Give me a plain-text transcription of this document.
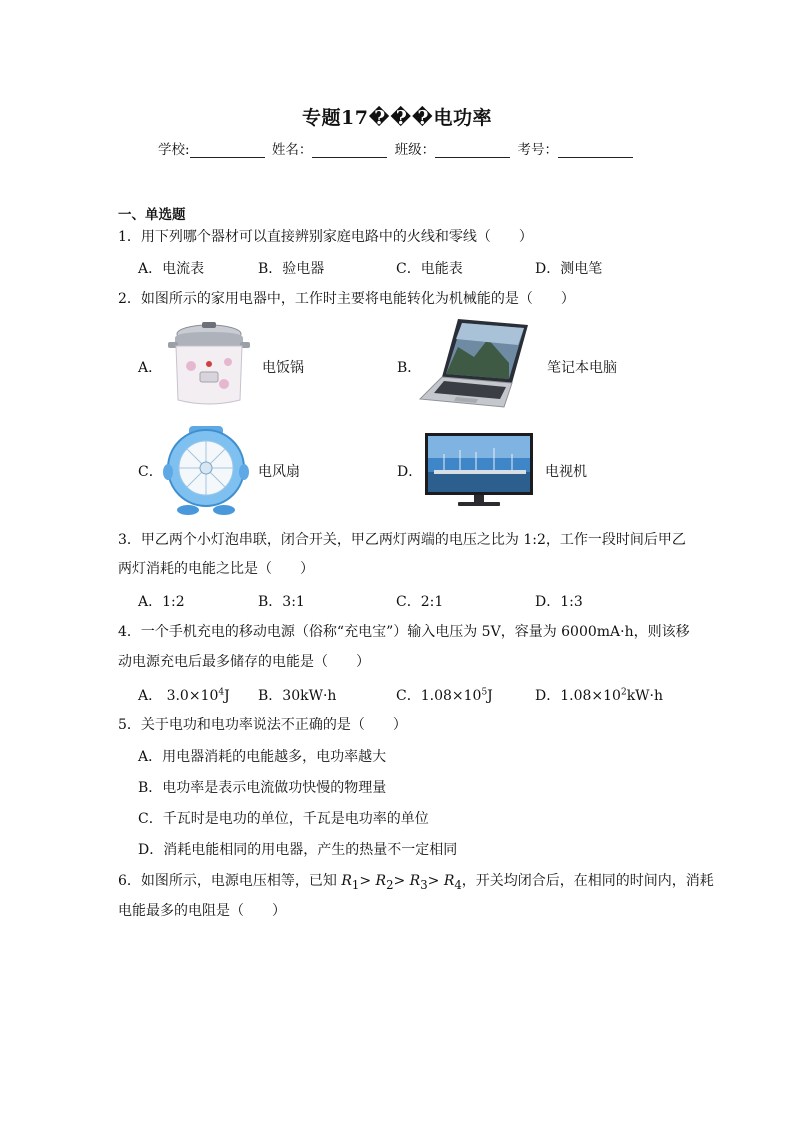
专题17���电功率
学校:	姓名：	班级：	考号：
一、单选题
1．用下列哪个器材可以直接辨别家庭电路中的火线和零线（　　）
A．电流表	B．验电器	C．电能表	D．测电笔
2．如图所示的家用电器中，工作时主要将电能转化为机械能的是（　　）
A．	电饭锅	B．	笔记本电脑
C．	电风扇	D．	电视机
3．甲乙两个小灯泡串联，闭合开关，甲乙两灯两端的电压之比为 1:2，工作一段时间后甲乙
两灯消耗的电能之比是（　　）
A．1:2	B．3:1	C．2:1	D．1:3
4．一个手机充电的移动电源（俗称“充电宝”）输入电压为 5V，容量为 6000mA·h，则该移
动电源充电后最多储存的电能是（　　）
A． $3.0\times 10^4J$ B．30kW·h	C．$1.08\times 10^5J$	D．$1.08\times 10^2kW\cdot h$
5．关于电功和电功率说法不正确的是（　　）
A．用电器消耗的电能越多，电功率越大
B．电功率是表示电流做功快慢的物理量
C．千瓦时是电功的单位，千瓦是电功率的单位
D．消耗电能相同的用电器，产生的热量不一定相同
6．如图所示，电源电压相等，已知 $R_1> R_2> R_3> R_4$，开关均闭合后，在相同的时间内，消耗
电能最多的电阻是（　　）
